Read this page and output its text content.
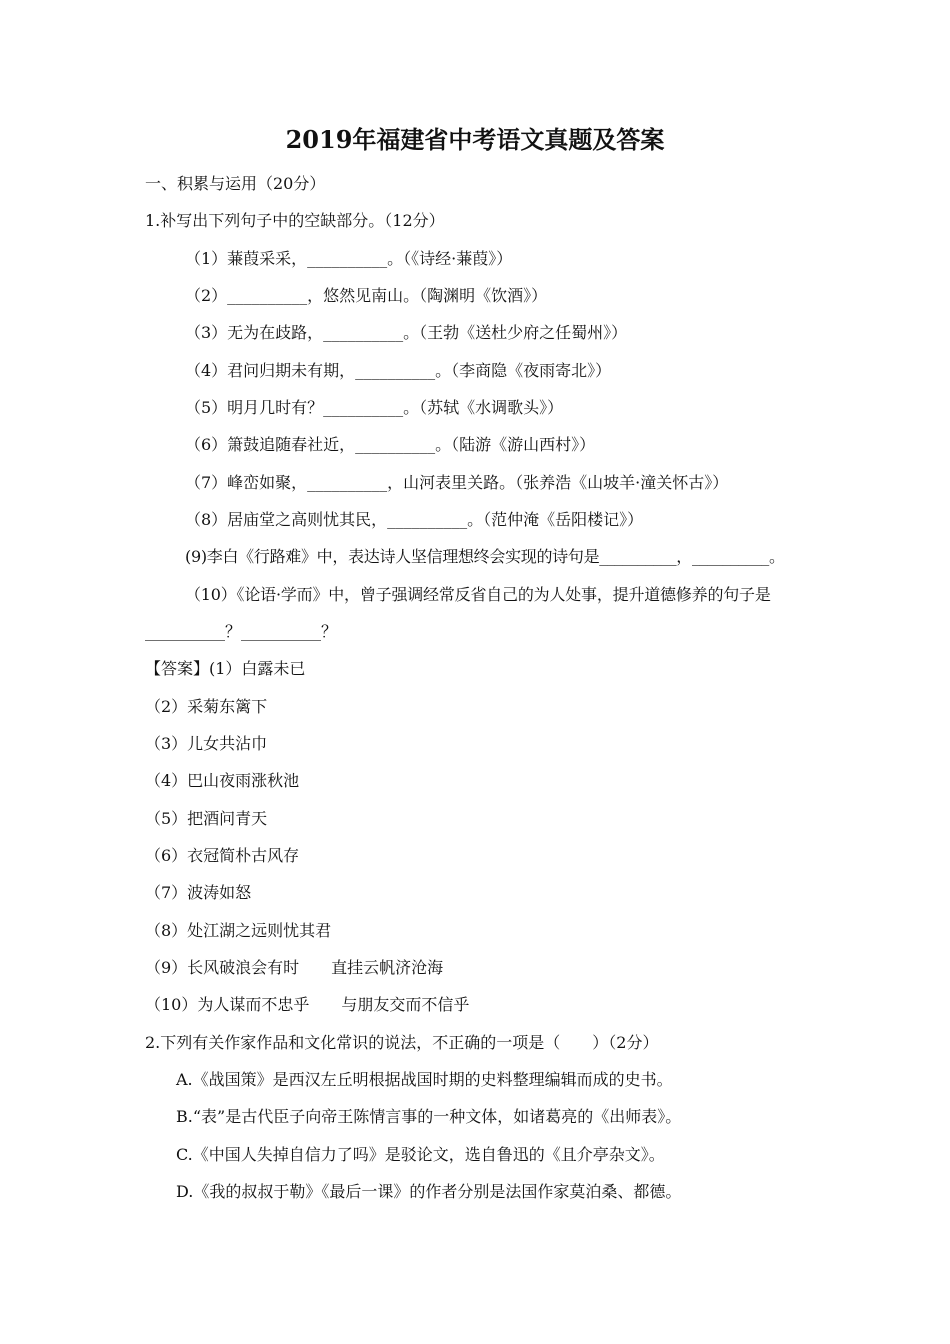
2019年福建省中考语文真题及答案
一、积累与运用（20分）
1.补写出下列句子中的空缺部分。（12分）
（1）蒹葭采采，__________。（《诗经·蒹葭》）
（2）__________，悠然见南山。（陶渊明《饮酒》）
（3）无为在歧路，__________。（王勃《送杜少府之任蜀州》）
（4）君问归期未有期，__________。（李商隐《夜雨寄北》）
（5）明月几时有？__________。（苏轼《水调歌头》）
（6）箫鼓追随春社近，__________。（陆游《游山西村》）
（7）峰峦如聚，__________，山河表里关路。（张养浩《山坡羊·潼关怀古》）
（8）居庙堂之高则忧其民，__________。（范仲淹《岳阳楼记》）
(9)李白《行路难》中，表达诗人坚信理想终会实现的诗句是__________，__________。
（10）《论语·学而》中，曾子强调经常反省自己的为人处事，提升道德修养的句子是
__________？__________？
【答案】(1）白露未已
（2）采菊东篱下
（3）儿女共沾巾
（4）巴山夜雨涨秋池
（5）把酒问青天
（6）衣冠简朴古风存
（7）波涛如怒
（8）处江湖之远则忧其君
（9）长风破浪会有时　　直挂云帆济沧海
（10）为人谋而不忠乎　　与朋友交而不信乎
2.下列有关作家作品和文化常识的说法，不正确的一项是（　　）（2分）
A.《战国策》是西汉左丘明根据战国时期的史料整理编辑而成的史书。
B.“表”是古代臣子向帝王陈情言事的一种文体，如诸葛亮的《出师表》。
C.《中国人失掉自信力了吗》是驳论文，选自鲁迅的《且介亭杂文》。
D.《我的叔叔于勒》《最后一课》的作者分别是法国作家莫泊桑、都德。
